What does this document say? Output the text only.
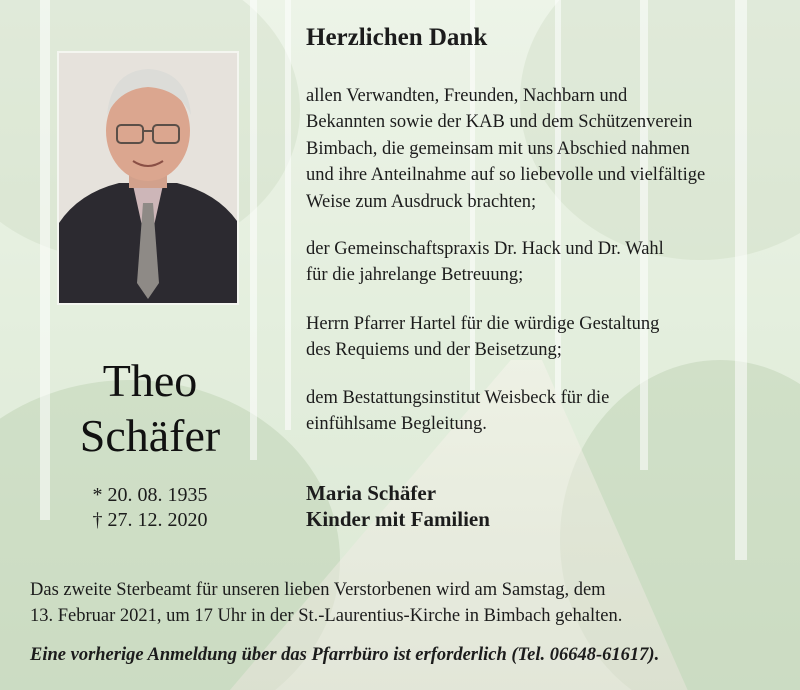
Theo
Schäfer
* 20. 08. 1935
† 27. 12. 2020
Herzlichen Dank
allen Verwandten, Freunden, Nachbarn und
Bekannten sowie der KAB und dem Schützenverein
Bimbach, die gemeinsam mit uns Abschied nahmen
und ihre Anteilnahme auf so liebevolle und vielfältige
Weise zum Ausdruck brachten;
der Gemeinschaftspraxis Dr. Hack und Dr. Wahl
für die jahrelange Betreuung;
Herrn Pfarrer Hartel für die würdige Gestaltung
des Requiems und der Beisetzung;
dem Bestattungsinstitut Weisbeck für die
einfühlsame Begleitung.
Maria Schäfer
Kinder mit Familien
Das zweite Sterbeamt für unseren lieben Verstorbenen wird am Samstag, dem
13. Februar 2021, um 17 Uhr in der St.-Laurentius-Kirche in Bimbach gehalten.
Eine vorherige Anmeldung über das Pfarrbüro ist erforderlich (Tel. 06648-61617).
